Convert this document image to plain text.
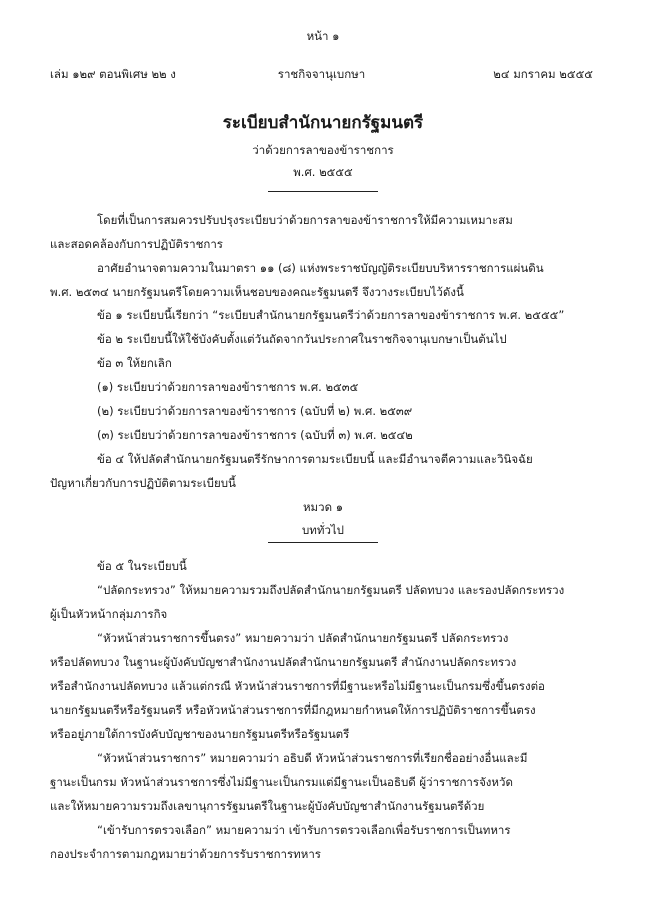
หน้า ๑
เล่ม ๑๒๙ ตอนพิเศษ ๒๒ ง	ราชกิจจานุเบกษา	๒๔ มกราคม ๒๕๕๕
ระเบียบสำนักนายกรัฐมนตรี
ว่าด้วยการลาของข้าราชการ
พ.ศ. ๒๕๕๕
โดยที่เป็นการสมควรปรับปรุงระเบียบว่าด้วยการลาของข้าราชการให้มีความเหมาะสม
และสอดคล้องกับการปฏิบัติราชการ
อาศัยอำนาจตามความในมาตรา ๑๑ (๘) แห่งพระราชบัญญัติระเบียบบริหารราชการแผ่นดิน
พ.ศ. ๒๕๓๔ นายกรัฐมนตรีโดยความเห็นชอบของคณะรัฐมนตรี จึงวางระเบียบไว้ดังนี้
ข้อ ๑ ระเบียบนี้เรียกว่า “ระเบียบสำนักนายกรัฐมนตรีว่าด้วยการลาของข้าราชการ พ.ศ. ๒๕๕๕”
ข้อ ๒ ระเบียบนี้ให้ใช้บังคับตั้งแต่วันถัดจากวันประกาศในราชกิจจานุเบกษาเป็นต้นไป
ข้อ ๓ ให้ยกเลิก
(๑) ระเบียบว่าด้วยการลาของข้าราชการ พ.ศ. ๒๕๓๕
(๒) ระเบียบว่าด้วยการลาของข้าราชการ (ฉบับที่ ๒) พ.ศ. ๒๕๓๙
(๓) ระเบียบว่าด้วยการลาของข้าราชการ (ฉบับที่ ๓) พ.ศ. ๒๕๔๒
ข้อ ๔ ให้ปลัดสำนักนายกรัฐมนตรีรักษาการตามระเบียบนี้ และมีอำนาจตีความและวินิจฉัย
ปัญหาเกี่ยวกับการปฏิบัติตามระเบียบนี้
หมวด ๑
บททั่วไป
ข้อ ๕ ในระเบียบนี้
“ปลัดกระทรวง” ให้หมายความรวมถึงปลัดสำนักนายกรัฐมนตรี ปลัดทบวง และรองปลัดกระทรวง
ผู้เป็นหัวหน้ากลุ่มภารกิจ
“หัวหน้าส่วนราชการขึ้นตรง” หมายความว่า ปลัดสำนักนายกรัฐมนตรี ปลัดกระทรวง
หรือปลัดทบวง ในฐานะผู้บังคับบัญชาสำนักงานปลัดสำนักนายกรัฐมนตรี สำนักงานปลัดกระทรวง
หรือสำนักงานปลัดทบวง แล้วแต่กรณี หัวหน้าส่วนราชการที่มีฐานะหรือไม่มีฐานะเป็นกรมซึ่งขึ้นตรงต่อ
นายกรัฐมนตรีหรือรัฐมนตรี หรือหัวหน้าส่วนราชการที่มีกฎหมายกำหนดให้การปฏิบัติราชการขึ้นตรง
หรืออยู่ภายใต้การบังคับบัญชาของนายกรัฐมนตรีหรือรัฐมนตรี
“หัวหน้าส่วนราชการ” หมายความว่า อธิบดี หัวหน้าส่วนราชการที่เรียกชื่ออย่างอื่นและมี
ฐานะเป็นกรม หัวหน้าส่วนราชการซึ่งไม่มีฐานะเป็นกรมแต่มีฐานะเป็นอธิบดี ผู้ว่าราชการจังหวัด
และให้หมายความรวมถึงเลขานุการรัฐมนตรีในฐานะผู้บังคับบัญชาสำนักงานรัฐมนตรีด้วย
“เข้ารับการตรวจเลือก” หมายความว่า เข้ารับการตรวจเลือกเพื่อรับราชการเป็นทหาร
กองประจำการตามกฎหมายว่าด้วยการรับราชการทหาร
